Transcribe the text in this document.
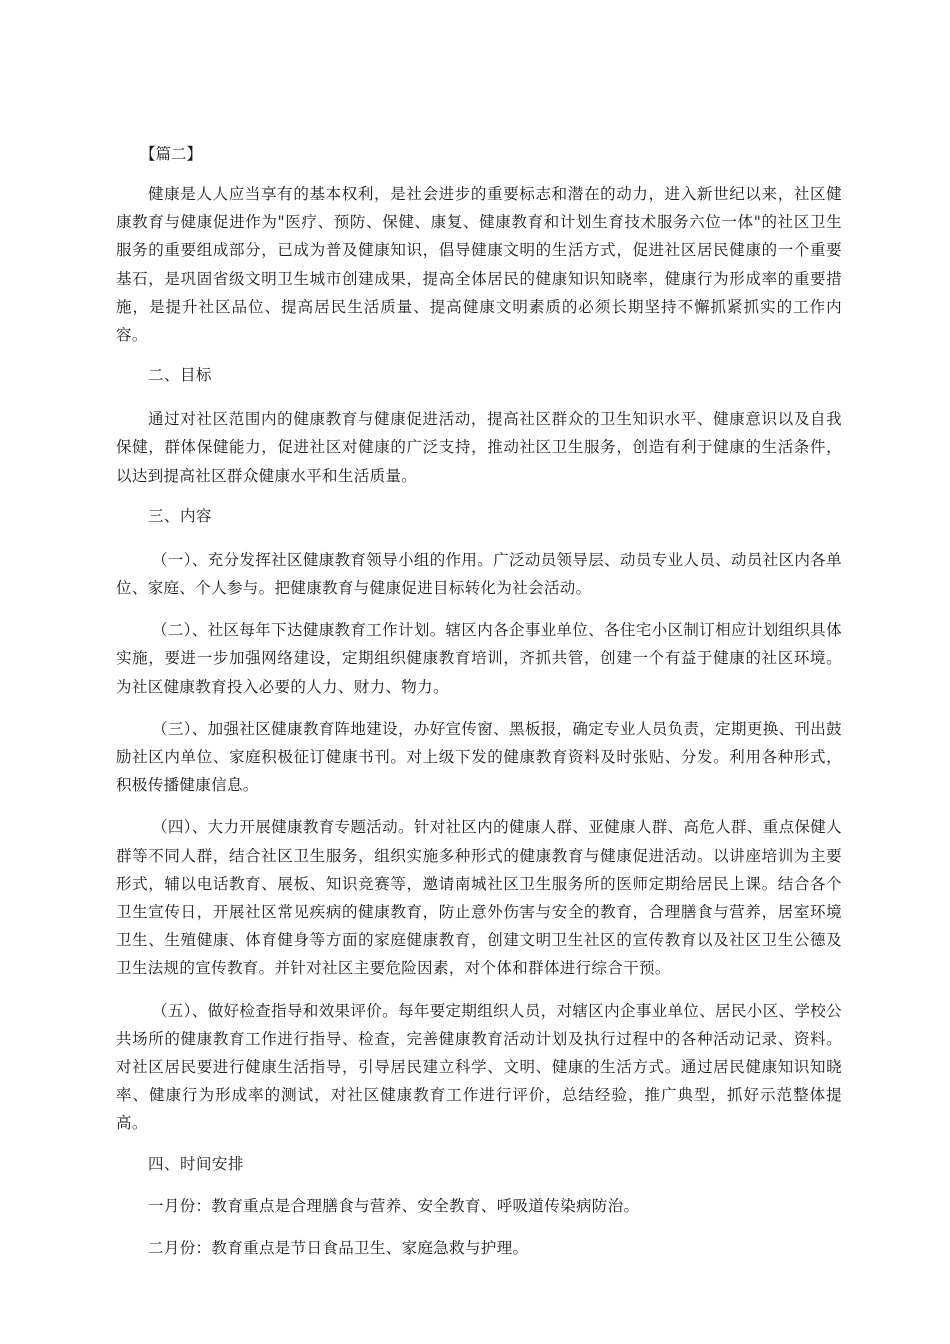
【篇二】

健康是人人应当享有的基本权利，是社会进步的重要标志和潜在的动力，进入新世纪以来，社区健康教育与健康促进作为"医疗、预防、保健、康复、健康教育和计划生育技术服务六位一体"的社区卫生服务的重要组成部分，已成为普及健康知识，倡导健康文明的生活方式，促进社区居民健康的一个重要基石，是巩固省级文明卫生城市创建成果，提高全体居民的健康知识知晓率，健康行为形成率的重要措施，是提升社区品位、提高居民生活质量、提高健康文明素质的必须长期坚持不懈抓紧抓实的工作内容。

二、目标

通过对社区范围内的健康教育与健康促进活动，提高社区群众的卫生知识水平、健康意识以及自我保健，群体保健能力，促进社区对健康的广泛支持，推动社区卫生服务，创造有利于健康的生活条件，以达到提高社区群众健康水平和生活质量。

三、内容

（一）、充分发挥社区健康教育领导小组的作用。广泛动员领导层、动员专业人员、动员社区内各单位、家庭、个人参与。把健康教育与健康促进目标转化为社会活动。

（二）、社区每年下达健康教育工作计划。辖区内各企事业单位、各住宅小区制订相应计划组织具体实施，要进一步加强网络建设，定期组织健康教育培训，齐抓共管，创建一个有益于健康的社区环境。为社区健康教育投入必要的人力、财力、物力。

（三）、加强社区健康教育阵地建设，办好宣传窗、黑板报，确定专业人员负责，定期更换、刊出鼓励社区内单位、家庭积极征订健康书刊。对上级下发的健康教育资料及时张贴、分发。利用各种形式，积极传播健康信息。

（四）、大力开展健康教育专题活动。针对社区内的健康人群、亚健康人群、高危人群、重点保健人群等不同人群，结合社区卫生服务，组织实施多种形式的健康教育与健康促进活动。以讲座培训为主要形式，辅以电话教育、展板、知识竞赛等，邀请南城社区卫生服务所的医师定期给居民上课。结合各个卫生宣传日，开展社区常见疾病的健康教育，防止意外伤害与安全的教育，合理膳食与营养，居室环境卫生、生殖健康、体育健身等方面的家庭健康教育，创建文明卫生社区的宣传教育以及社区卫生公德及卫生法规的宣传教育。并针对社区主要危险因素，对个体和群体进行综合干预。

（五）、做好检查指导和效果评价。每年要定期组织人员，对辖区内企事业单位、居民小区、学校公共场所的健康教育工作进行指导、检查，完善健康教育活动计划及执行过程中的各种活动记录、资料。对社区居民要进行健康生活指导，引导居民建立科学、文明、健康的生活方式。通过居民健康知识知晓率、健康行为形成率的测试，对社区健康教育工作进行评价，总结经验，推广典型，抓好示范整体提高。

四、时间安排

一月份：教育重点是合理膳食与营养、安全教育、呼吸道传染病防治。

二月份：教育重点是节日食品卫生、家庭急救与护理。
